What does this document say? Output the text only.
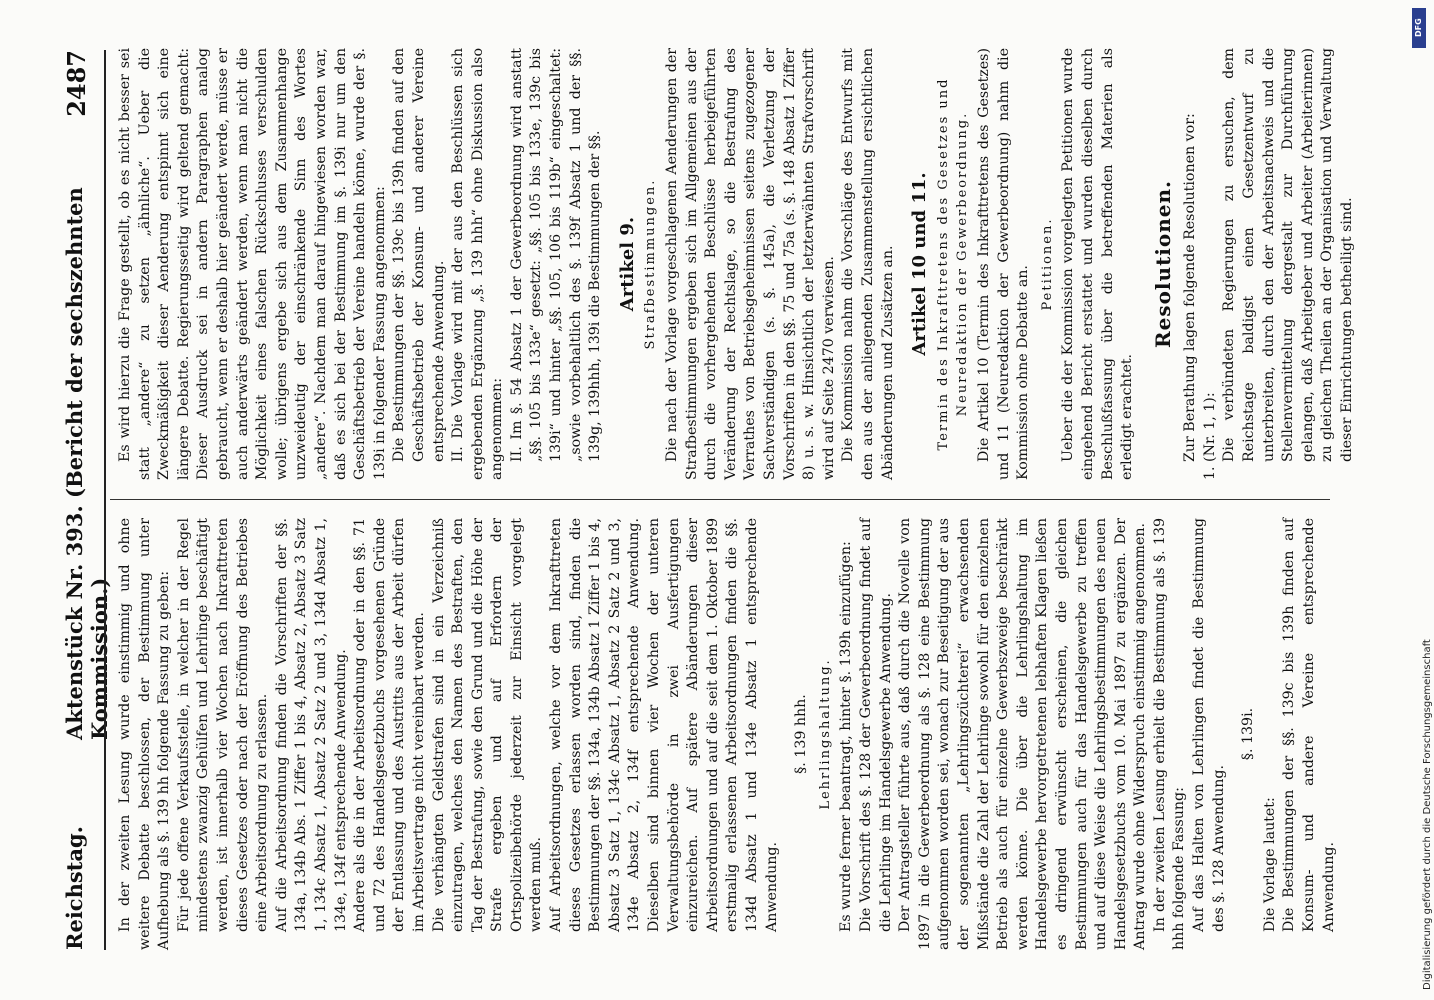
Reichstag.
Aktenstück Nr. 393. (Bericht der sechszehnten Kommission.)
2487

In der zweiten Lesung wurde einstimmig und ohne weitere Debatte beschlossen, der Bestimmung unter Aufhebung als §. 139 hh folgende Fassung zu geben: Für jede offene Verkaufsstelle, in welcher in der Regel mindestens zwanzig Gehülfen und Lehrlinge beschäftigt werden, ist innerhalb vier Wochen nach Inkrafttreten dieses Gesetzes oder nach der Eröffnung des Betriebes eine Arbeitsordnung zu erlassen. Auf die Arbeitsordnung finden die Vorschriften der §§. 134a, 134b Abs. 1 Ziffer 1 bis 4, Absatz 2, Absatz 3 Satz 1, 134c Absatz 1, Absatz 2 Satz 2 und 3, 134d Absatz 1, 134e, 134f entsprechende Anwendung. Andere als die in der Arbeitsordnung oder in den §§. 71 und 72 des Handelsgesetzbuchs vorgesehenen Gründe der Entlassung und des Austritts aus der Arbeit dürfen im Arbeitsvertrage nicht vereinbart werden. Die verhängten Geldstrafen sind in ein Verzeichniß einzutragen, welches den Namen des Bestraften, den Tag der Bestrafung, sowie den Grund und die Höhe der Strafe ergeben und auf Erfordern der Ortspolizeibehörde jederzeit zur Einsicht vorgelegt werden muß. Auf Arbeitsordnungen, welche vor dem Inkrafttreten dieses Gesetzes erlassen worden sind, finden die Bestimmungen der §§. 134a, 134b Absatz 1 Ziffer 1 bis 4, Absatz 3 Satz 1, 134c Absatz 1, Absatz 2 Satz 2 und 3, 134e Absatz 2, 134f entsprechende Anwendung. Dieselben sind binnen vier Wochen der unteren Verwaltungsbehörde in zwei Ausfertigungen einzureichen. Auf spätere Abänderungen dieser Arbeitsordnungen und auf die seit dem 1. Oktober 1899 erstmalig erlassenen Arbeitsordnungen finden die §§. 134d Absatz 1 und 134e Absatz 1 entsprechende Anwendung.

§. 139 hhh. Lehrlingshaltung. Es wurde ferner beantragt, hinter §. 139h einzufügen: Die Vorschrift des §. 128 der Gewerbeordnung findet auf die Lehrlinge im Handelsgewerbe Anwendung. Der Antragsteller führte aus, daß durch die Novelle von 1897 in die Gewerbeordnung als §. 128 eine Bestimmung aufgenommen worden sei, wonach zur Beseitigung der aus der sogenannten „Lehrlingszüchterei“ erwachsenden Mißstände die Zahl der Lehrlinge sowohl für den einzelnen Betrieb als auch für einzelne Gewerbszweige beschränkt werden könne. Die über die Lehrlingshaltung im Handelsgewerbe hervorgetretenen lebhaften Klagen ließen es dringend erwünscht erscheinen, die gleichen Bestimmungen auch für das Handelsgewerbe zu treffen und auf diese Weise die Lehrlingsbestimmungen des neuen Handelsgesetzbuchs vom 10. Mai 1897 zu ergänzen. Der Antrag wurde ohne Widerspruch einstimmig angenommen. In der zweiten Lesung erhielt die Bestimmung als §. 139 hhh folgende Fassung: Auf das Halten von Lehrlingen findet die Bestimmung des §. 128 Anwendung.

§. 139i.

Die Vorlage lautet: Die Bestimmungen der §§. 139c bis 139h finden auf Konsum- und andere Vereine entsprechende Anwendung.

Es wird hierzu die Frage gestellt, ob es nicht besser sei statt „andere“ zu setzen „ähnliche“. Ueber die Zweckmäßigkeit dieser Aenderung entspinnt sich eine längere Debatte. Regierungsseitig wird geltend gemacht: Dieser Ausdruck sei in andern Paragraphen analog gebraucht, wenn er deshalb hier geändert werde, müsse er auch anderwärts geändert werden, wenn man nicht die Möglichkeit eines falschen Rückschlusses verschulden wolle; übrigens ergebe sich aus dem Zusammenhange unzweideutig der einschränkende Sinn des Wortes „andere“. Nachdem man darauf hingewiesen worden war, daß es sich bei der Bestimmung im §. 139i nur um den Geschäftsbetrieb der Vereine handeln könne, wurde der §. 139i in folgender Fassung angenommen: Die Bestimmungen der §§. 139c bis 139h finden auf den Geschäftsbetrieb der Konsum- und anderer Vereine entsprechende Anwendung. II. Die Vorlage wird mit der aus den Beschlüssen sich ergebenden Ergänzung „§. 139 hhh“ ohne Diskussion also angenommen: II. Im §. 54 Absatz 1 der Gewerbeordnung wird anstatt „§§. 105 bis 133e“ gesetzt: „§§. 105 bis 133e, 139c bis 139i“ und hinter „§§. 105, 106 bis 119b“ eingeschaltet: „sowie vorbehaltlich des §. 139f Absatz 1 und der §§. 139g, 139hhh, 139i die Bestimmungen der §§. Artikel 9. Strafbestimmungen. Die nach der Vorlage vorgeschlagenen Aenderungen der Strafbestimmungen ergeben sich im Allgemeinen aus der durch die vorhergehenden Beschlüsse herbeigeführten Veränderung der Rechtslage, so die Bestrafung des Verrathes von Betriebsgeheimnissen seitens zugezogener Sachverständigen (s. §. 145a), die Verletzung der Vorschriften in den §§. 75 und 75a (s. §. 148 Absatz 1 Ziffer 8) u. s. w. Hinsichtlich der letzterwähnten Strafvorschrift wird auf Seite 2470 verwiesen. Die Kommission nahm die Vorschläge des Entwurfs mit den aus der anliegenden Zusammenstellung ersichtlichen Abänderungen und Zusätzen an. Artikel 10 und 11. Termin des Inkrafttretens des Gesetzes und Neuredaktion der Gewerbeordnung. Die Artikel 10 (Termin des Inkrafttretens des Gesetzes) und 11 (Neuredaktion der Gewerbeordnung) nahm die Kommission ohne Debatte an.

Petitionen. Ueber die der Kommission vorgelegten Petitionen wurde eingehend Bericht erstattet und wurden dieselben durch Beschlußfassung über die betreffenden Materien als erledigt erachtet.

Resolutionen. Zur Berathung lagen folgende Resolutionen vor: 1. (Nr. 1, 1): Die verbündeten Regierungen zu ersuchen, dem Reichstage baldigst einen Gesetzentwurf zu unterbreiten, durch den der Arbeitsnachweis und die Stellenvermittelung dergestalt zur Durchführung gelangen, daß Arbeitgeber und Arbeiter (Arbeiterinnen) zu gleichen Theilen an der Organisation und Verwaltung dieser Einrichtungen betheiligt sind.

Digitalisierung gefördert durch die Deutsche Forschungsgemeinschaft
DFG
